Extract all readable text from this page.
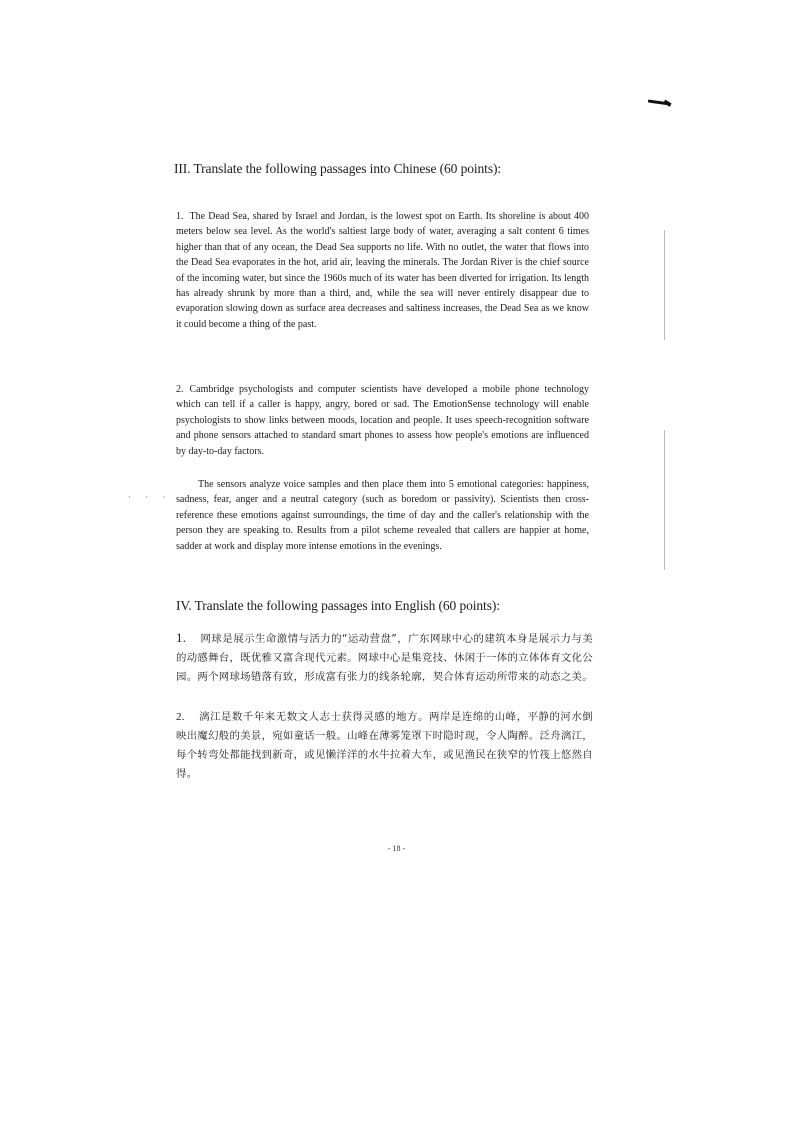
· · ·
III. Translate the following passages into Chinese (60 points):

1. The Dead Sea, shared by Israel and Jordan, is the lowest spot on Earth. Its shoreline is about 400 meters below sea level. As the world's saltiest large body of water, averaging a salt content 6 times higher than that of any ocean, the Dead Sea supports no life. With no outlet, the water that flows into the Dead Sea evaporates in the hot, arid air, leaving the minerals. The Jordan River is the chief source of the incoming water, but since the 1960s much of its water has been diverted for irrigation. Its length has already shrunk by more than a third, and, while the sea will never entirely disappear due to evaporation slowing down as surface area decreases and saltiness increases, the Dead Sea as we know it could become a thing of the past.

2. Cambridge psychologists and computer scientists have developed a mobile phone technology which can tell if a caller is happy, angry, bored or sad. The EmotionSense technology will enable psychologists to show links between moods, location and people. It uses speech-recognition software and phone sensors attached to standard smart phones to assess how people's emotions are influenced by day-to-day factors.

The sensors analyze voice samples and then place them into 5 emotional categories: happiness, sadness, fear, anger and a neutral category (such as boredom or passivity). Scientists then cross-reference these emotions against surroundings, the time of day and the caller's relationship with the person they are speaking to. Results from a pilot scheme revealed that callers are happier at home, sadder at work and display more intense emotions in the evenings.

IV. Translate the following passages into English (60 points):

1. 网球是展示生命激情与活力的“运动营盘”，广东网球中心的建筑本身是展示力与美的动感舞台，既优雅又富含现代元素。网球中心是集竞技、休闲于一体的立体体育文化公园。两个网球场错落有致，形成富有张力的线条轮廓，契合体育运动所带来的动态之美。

2. 漓江是数千年来无数文人志士获得灵感的地方。两岸是连绵的山峰，平静的河水倒映出魔幻般的美景，宛如童话一般。山峰在薄雾笼罩下时隐时现，令人陶醉。泛舟漓江，每个转弯处都能找到新奇，或见懒洋洋的水牛拉着大车，或见渔民在狭窄的竹筏上悠然自得。

- 18 -
